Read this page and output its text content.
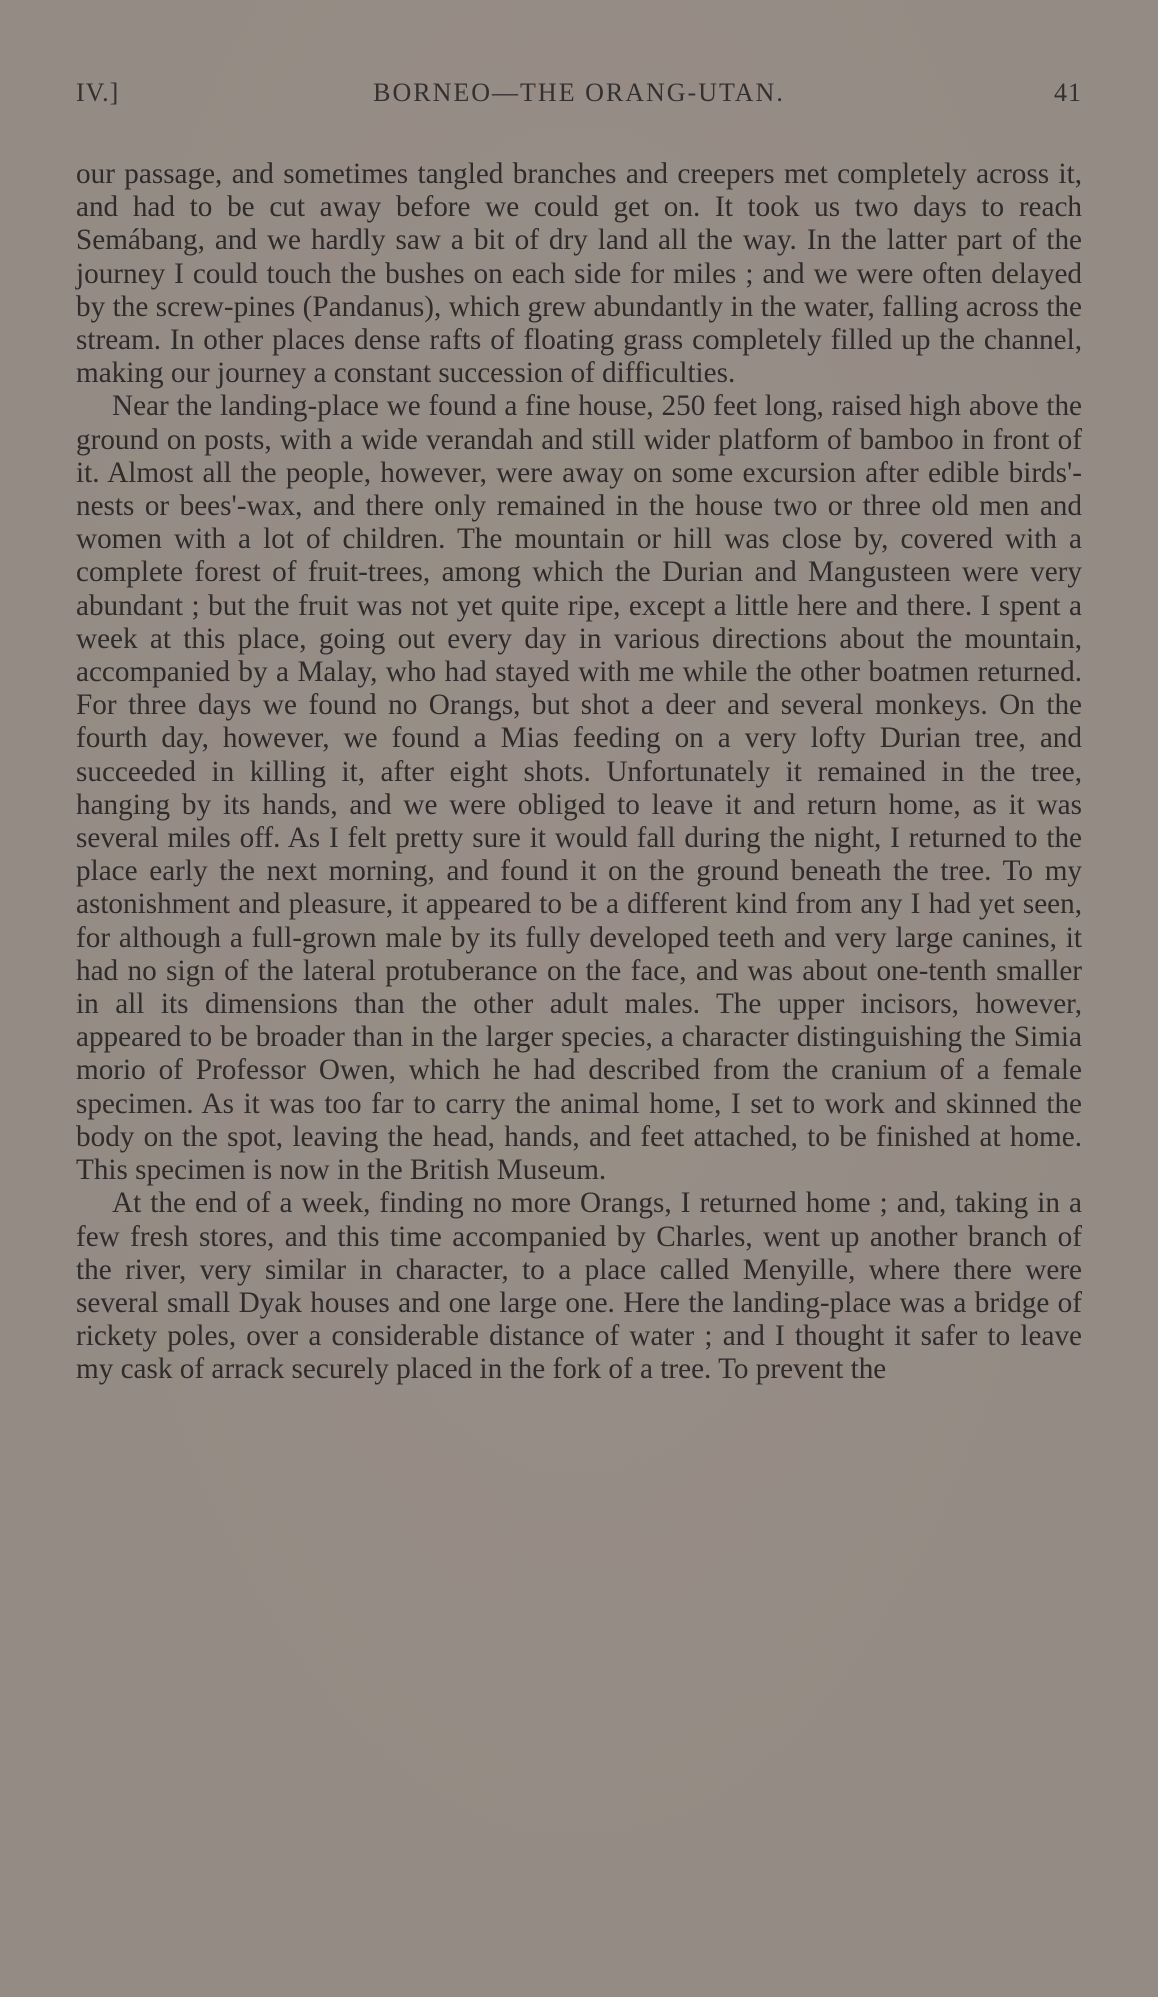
IV.]	BORNEO—THE ORANG-UTAN.	41

our passage, and sometimes tangled branches and creepers met completely across it, and had to be cut away before we could get on. It took us two days to reach Semábang, and we hardly saw a bit of dry land all the way. In the latter part of the journey I could touch the bushes on each side for miles ; and we were often delayed by the screw-pines (Pandanus), which grew abundantly in the water, falling across the stream. In other places dense rafts of floating grass completely filled up the channel, making our journey a constant succession of difficulties.

Near the landing-place we found a fine house, 250 feet long, raised high above the ground on posts, with a wide verandah and still wider platform of bamboo in front of it. Almost all the people, however, were away on some excursion after edible birds'-nests or bees'-wax, and there only remained in the house two or three old men and women with a lot of children. The mountain or hill was close by, covered with a complete forest of fruit-trees, among which the Durian and Mangusteen were very abundant ; but the fruit was not yet quite ripe, except a little here and there. I spent a week at this place, going out every day in various directions about the mountain, accompanied by a Malay, who had stayed with me while the other boatmen returned. For three days we found no Orangs, but shot a deer and several monkeys. On the fourth day, however, we found a Mias feeding on a very lofty Durian tree, and succeeded in killing it, after eight shots. Unfortunately it remained in the tree, hanging by its hands, and we were obliged to leave it and return home, as it was several miles off. As I felt pretty sure it would fall during the night, I returned to the place early the next morning, and found it on the ground beneath the tree. To my astonishment and pleasure, it appeared to be a different kind from any I had yet seen, for although a full-grown male by its fully developed teeth and very large canines, it had no sign of the lateral protuberance on the face, and was about one-tenth smaller in all its dimensions than the other adult males. The upper incisors, however, appeared to be broader than in the larger species, a character distinguishing the Simia morio of Professor Owen, which he had described from the cranium of a female specimen. As it was too far to carry the animal home, I set to work and skinned the body on the spot, leaving the head, hands, and feet attached, to be finished at home. This specimen is now in the British Museum.

At the end of a week, finding no more Orangs, I returned home ; and, taking in a few fresh stores, and this time accompanied by Charles, went up another branch of the river, very similar in character, to a place called Menyille, where there were several small Dyak houses and one large one. Here the landing-place was a bridge of rickety poles, over a considerable distance of water ; and I thought it safer to leave my cask of arrack securely placed in the fork of a tree. To prevent the
